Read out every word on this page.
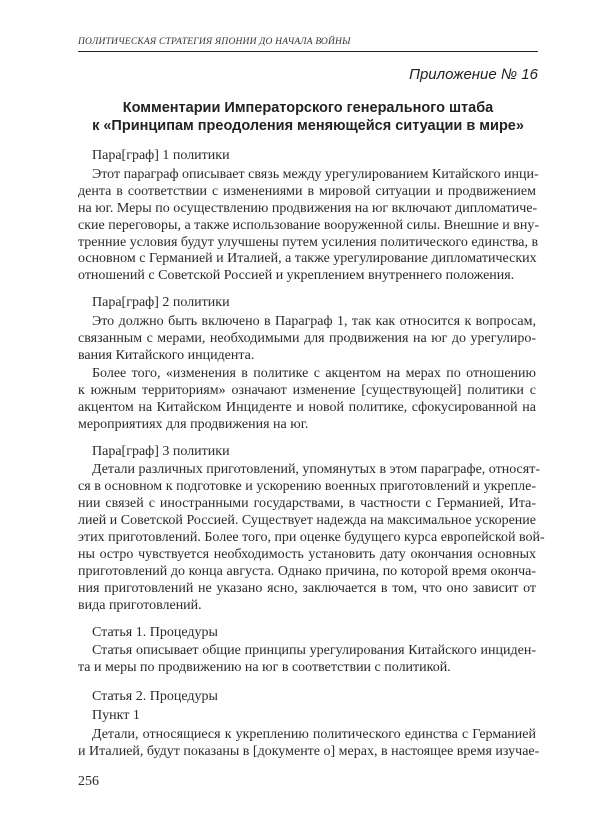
ПОЛИТИЧЕСКАЯ СТРАТЕГИЯ ЯПОНИИ ДО НАЧАЛА ВОЙНЫ
Приложение № 16
Комментарии Императорского генерального штаба
к «Принципам преодоления меняющейся ситуации в мире»
Пара[граф] 1 политики
Этот параграф описывает связь между урегулированием Китайского инци-
дента в соответствии с изменениями в мировой ситуации и продвижением
на юг. Меры по осуществлению продвижения на юг включают дипломатиче-
ские переговоры, а также использование вооруженной силы. Внешние и вну-
тренние условия будут улучшены путем усиления политического единства, в
основном с Германией и Италией, а также урегулирование дипломатических
отношений с Советской Россией и укреплением внутреннего положения.
Пара[граф] 2 политики
Это должно быть включено в Параграф 1, так как относится к вопросам,
связанным с мерами, необходимыми для продвижения на юг до урегулиро-
вания Китайского инцидента.
Более того, «изменения в политике с акцентом на мерах по отношению
к южным территориям» означают изменение [существующей] политики с
акцентом на Китайском Инциденте и новой политике, сфокусированной на
мероприятиях для продвижения на юг.
Пара[граф] 3 политики
Детали различных приготовлений, упомянутых в этом параграфе, относят-
ся в основном к подготовке и ускорению военных приготовлений и укрепле-
нии связей с иностранными государствами, в частности с Германией, Ита-
лией и Советской Россией. Существует надежда на максимальное ускорение
этих приготовлений. Более того, при оценке будущего курса европейской вой-
ны остро чувствуется необходимость установить дату окончания основных
приготовлений до конца августа. Однако причина, по которой время оконча-
ния приготовлений не указано ясно, заключается в том, что оно зависит от
вида приготовлений.
Статья 1. Процедуры
Статья описывает общие принципы урегулирования Китайского инциден-
та и меры по продвижению на юг в соответствии с политикой.
Статья 2. Процедуры
Пункт 1
Детали, относящиеся к укреплению политического единства с Германией
и Италией, будут показаны в [документе о] мерах, в настоящее время изучае-
256
